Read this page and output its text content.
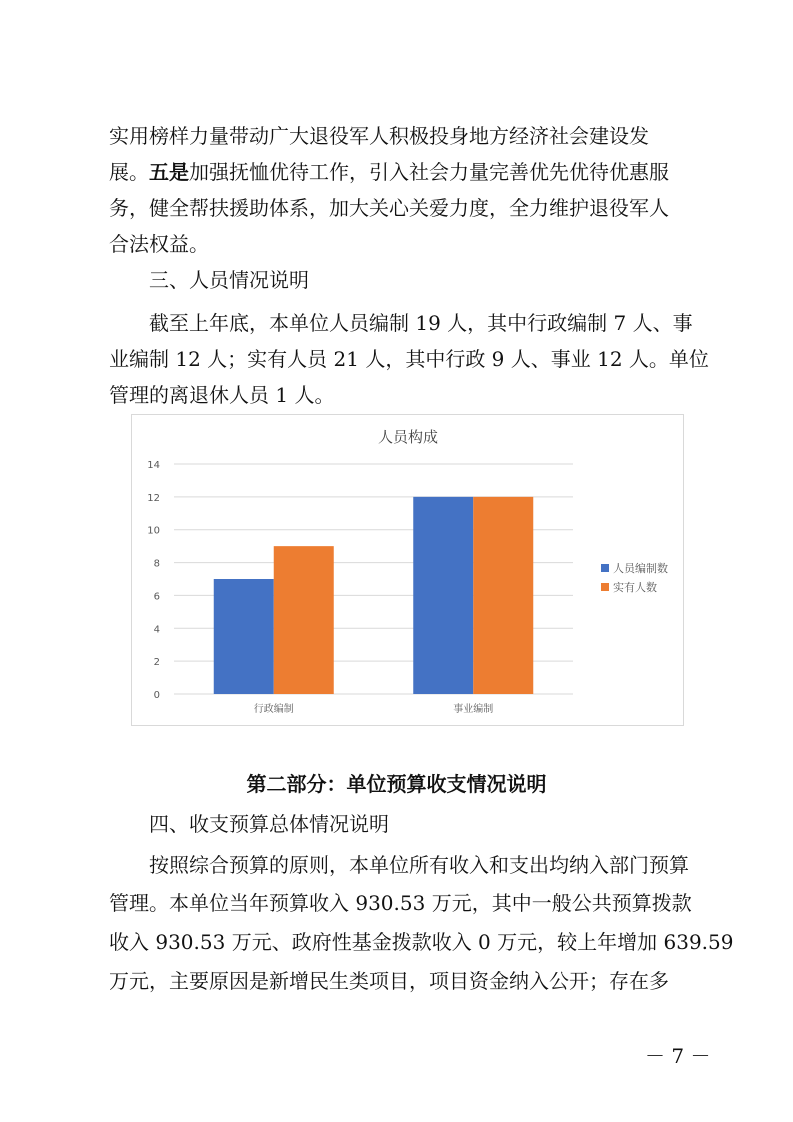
实用榜样力量带动广大退役军人积极投身地方经济社会建设发
展。五是加强抚恤优待工作，引入社会力量完善优先优待优惠服
务，健全帮扶援助体系，加大关心关爱力度，全力维护退役军人
合法权益。
三、人员情况说明
截至上年底，本单位人员编制 19 人，其中行政编制 7 人、事
业编制 12 人；实有人员 21 人，其中行政 9 人、事业 12 人。单位
管理的离退休人员 1 人。
人员构成
0
2
4
6
8
10
12
14
行政编制	事业编制
人员编制数
实有人数
第二部分：单位预算收支情况说明
四、收支预算总体情况说明
按照综合预算的原则，本单位所有收入和支出均纳入部门预算
管理。本单位当年预算收入 930.53 万元，其中一般公共预算拨款
收入 930.53 万元、政府性基金拨款收入 0 万元，较上年增加 639.59
万元，主要原因是新增民生类项目，项目资金纳入公开；存在多
－ 7 －
